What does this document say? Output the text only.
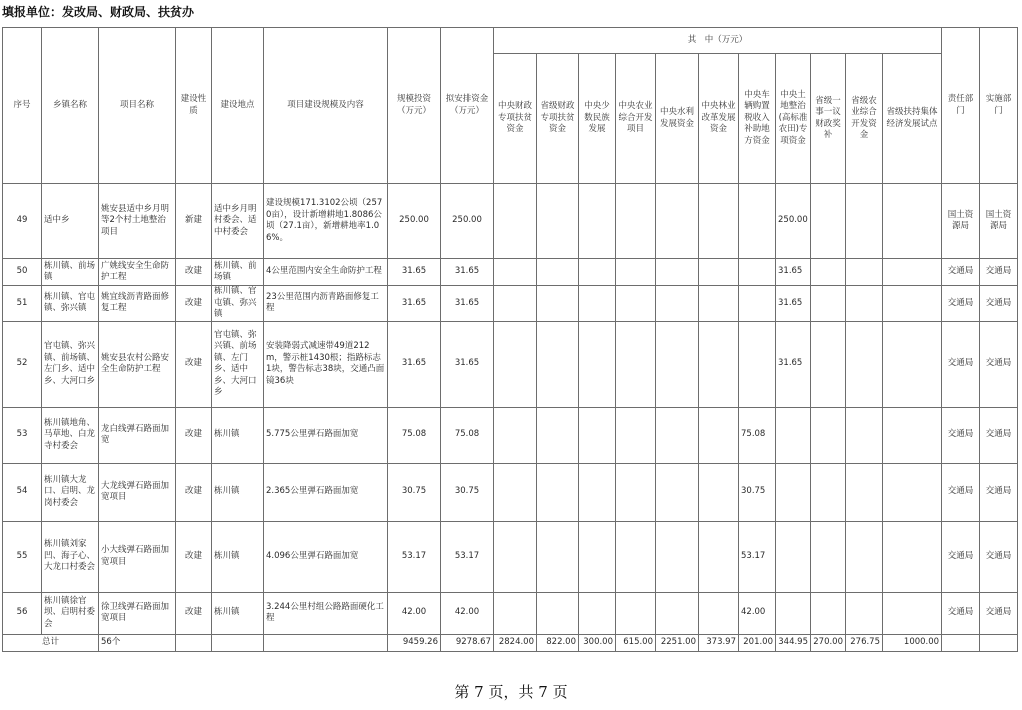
填报单位：发改局、财政局、扶贫办
序号	乡镇名称	项目名称	建设性质	建设地点	项目建设规模及内容	规模投资（万元）	拟安排资金（万元）	其　中（万元）											责任部门	实施部门
								中央财政专项扶贫资金	省级财政专项扶贫资金	中央少数民族发展	中央农业综合开发项目	中央水利发展资金	中央林业改革发展资金	中央车辆购置税收入补助地方资金	中央土地整治(高标准农田)专项资金	省级一事一议财政奖补	省级农业综合开发资金	省级扶持集体经济发展试点		
49	适中乡	姚安县适中乡月明等2个村土地整治项目	新建	适中乡月明村委会、适中村委会	建设规模171.3102公顷（2570亩），设计新增耕地1.8086公顷（27.1亩），新增耕地率1.06%。	250.00	250.00								250.00				国土资源局	国土资源局
50	栋川镇、前场镇	广姚线安全生命防护工程	改建	栋川镇、前场镇	4公里范围内安全生命防护工程	31.65	31.65								31.65				交通局	交通局
51	栋川镇、官屯镇、弥兴镇	姚宜线沥青路面修复工程	改建	栋川镇、官屯镇、弥兴镇	23公里范围内沥青路面修复工程	31.65	31.65								31.65				交通局	交通局
52	官屯镇、弥兴镇、前场镇、左门乡、适中乡、大河口乡	姚安县农村公路安全生命防护工程	改建	官屯镇、弥兴镇、前场镇、左门乡、适中乡、大河口乡	安装降弱式减速带49道212m，警示桩1430根；指路标志1块，警告标志38块，交通凸面镜36块	31.65	31.65								31.65				交通局	交通局
53	栋川镇地角、马草地、白龙寺村委会	龙白线弹石路面加宽	改建	栋川镇	5.775公里弹石路面加宽	75.08	75.08							75.08					交通局	交通局
54	栋川镇大龙口、启明、龙岗村委会	大龙线弹石路面加宽项目	改建	栋川镇	2.365公里弹石路面加宽	30.75	30.75							30.75					交通局	交通局
55	栋川镇刘家凹、海子心、大龙口村委会	小大线弹石路面加宽项目	改建	栋川镇	4.096公里弹石路面加宽	53.17	53.17							53.17					交通局	交通局
56	栋川镇徐官坝、启明村委会	徐卫线弹石路面加宽项目	改建	栋川镇	3.244公里村组公路路面硬化工程	42.00	42.00							42.00					交通局	交通局
总计		56个				9459.26	9278.67	2824.00	822.00	300.00	615.00	2251.00	373.97	201.00	344.95	270.00	276.75	1000.00		
第 7 页，共 7 页
